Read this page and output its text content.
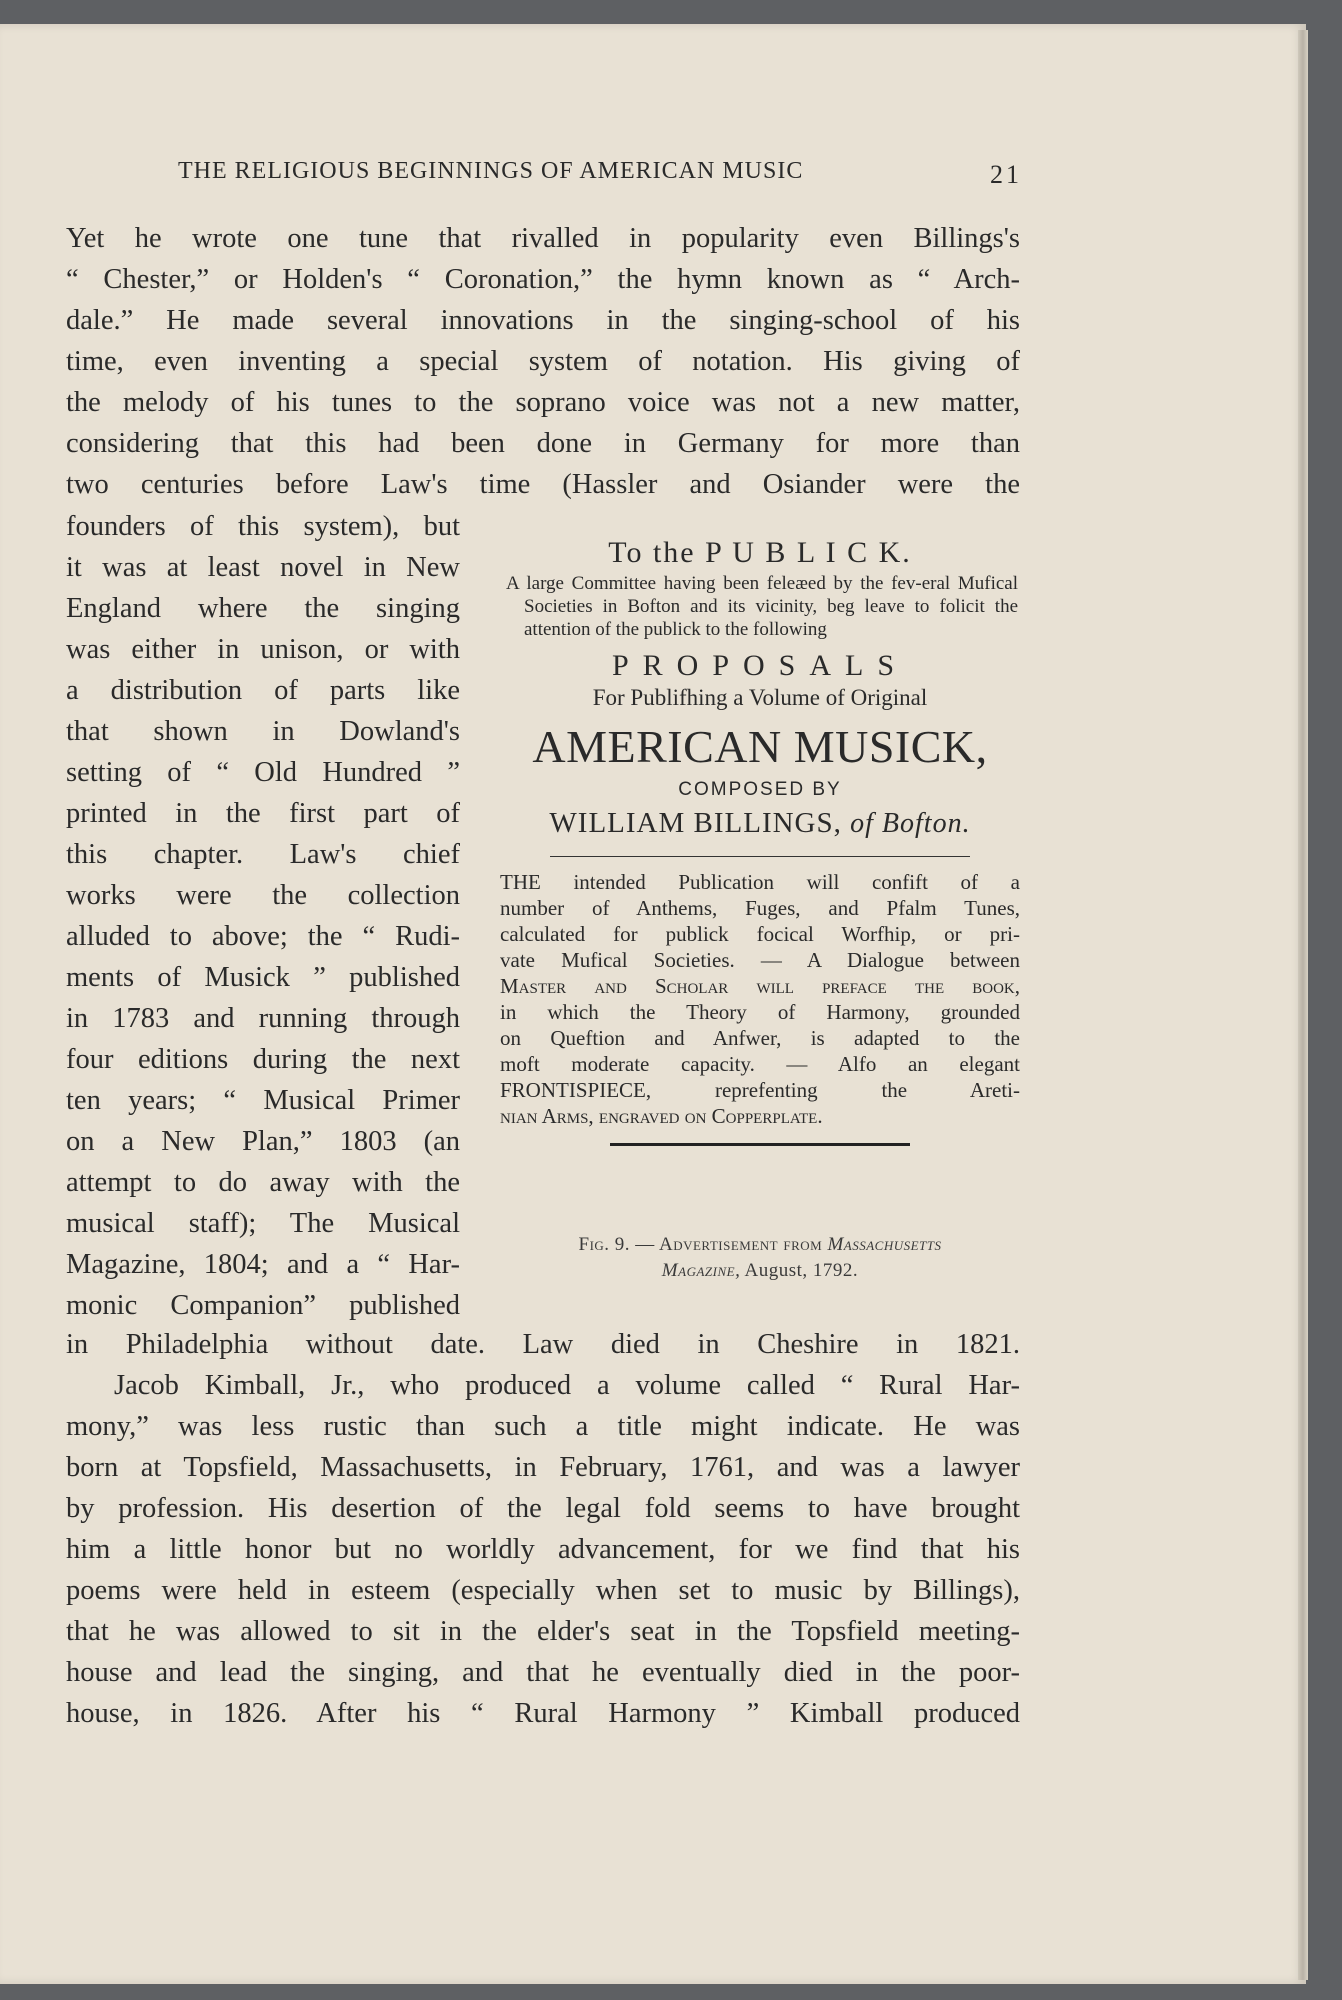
THE RELIGIOUS BEGINNINGS OF AMERICAN MUSIC	21
Yet he wrote one tune that rivalled in popularity even Billings's
“ Chester,” or Holden's “ Coronation,” the hymn known as “ Arch-
dale.” He made several innovations in the singing-school of his
time, even inventing a special system of notation. His giving of
the melody of his tunes to the soprano voice was not a new matter,
considering that this had been done in Germany for more than
two centuries before Law's time (Hassler and Osiander were the
founders of this system), but
it was at least novel in New
England where the singing
was either in unison, or with
a distribution of parts like
that shown in Dowland's
setting of “ Old Hundred ”
printed in the first part of
this chapter. Law's chief
works were the collection
alluded to above; the “ Rudi-
ments of Musick ” published
in 1783 and running through
four editions during the next
ten years; “ Musical Primer
on a New Plan,” 1803 (an
attempt to do away with the
musical staff); The Musical
Magazine, 1804; and a “ Har-
monic Companion” published
To the P U B L I C K.
A large Committee having been feleæed by the fev-eral Mufical Societies in Bofton and its vicinity, beg leave to folicit the attention of the publick to the following
PROPOSALS
For Publifhing a Volume of Original
AMERICAN MUSICK,
COMPOSED BY
WILLIAM BILLINGS, of Bofton.
THE intended Publication will confift of a
number of Anthems, Fuges, and Pfalm Tunes,
calculated for publick focical Worfhip, or pri-
vate Mufical Societies. — A Dialogue between
Master and Scholar will preface the book,
in which the Theory of Harmony, grounded
on Queftion and Anfwer, is adapted to the
moft moderate capacity. — Alfo an elegant
FRONTISPIECE, reprefenting the Areti-
nian Arms, engraved on Copperplate.
Fig. 9. — Advertisement from Massachusetts
Magazine, August, 1792.
in Philadelphia without date. Law died in Cheshire in 1821.
Jacob Kimball, Jr., who produced a volume called “ Rural Har-
mony,” was less rustic than such a title might indicate. He was
born at Topsfield, Massachusetts, in February, 1761, and was a lawyer
by profession. His desertion of the legal fold seems to have brought
him a little honor but no worldly advancement, for we find that his
poems were held in esteem (especially when set to music by Billings),
that he was allowed to sit in the elder's seat in the Topsfield meeting-
house and lead the singing, and that he eventually died in the poor-
house, in 1826. After his “ Rural Harmony ” Kimball produced
